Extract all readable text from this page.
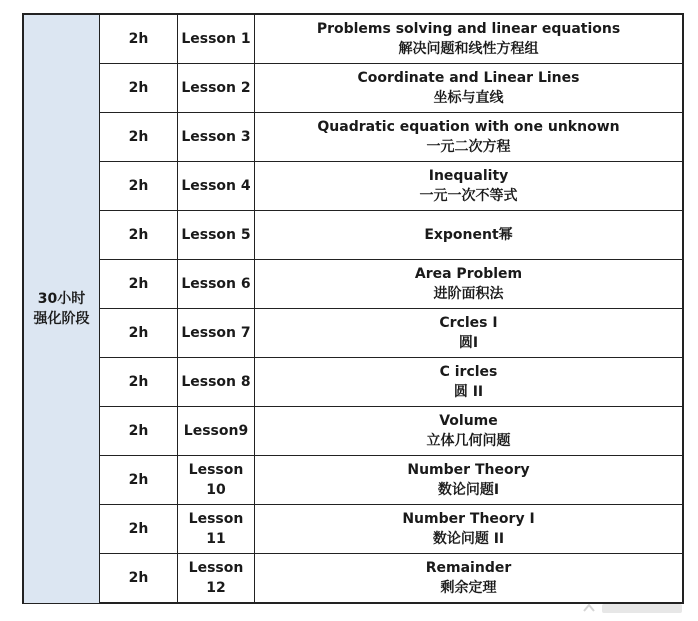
30小时
强化阶段	2h	Lesson 1	Problems solving and linear equations
解决问题和线性方程组

	2h	Lesson 2	Coordinate and Linear Lines
坐标与直线

	2h	Lesson 3	Quadratic equation with one unknown
一元二次方程

	2h	Lesson 4	Inequality
一元一次不等式

	2h	Lesson 5	Exponent幂

	2h	Lesson 6	Area Problem
进阶面积法

	2h	Lesson 7	Crcles I
圆I

	2h	Lesson 8	C ircles
圆 II

	2h	Lesson9	Volume
立体几何问题

	2h	Lesson 10	Number Theory
数论问题I

	2h	Lesson 11	Number Theory I
数论问题 II

	2h	Lesson 12	Remainder
剩余定理
